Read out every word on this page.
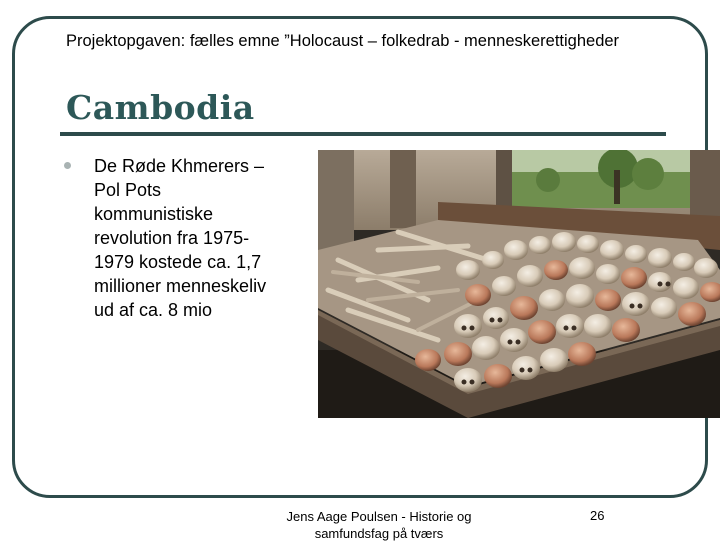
Projektopgaven: fælles emne ”Holocaust – folkedrab - menneskerettigheder
Cambodia
De Røde Khmerers –
Pol Pots
kommunistiske
revolution fra 1975-
1979 kostede ca. 1,7
millioner menneskeliv
ud af ca. 8 mio
Jens Aage Poulsen - Historie og
samfundsfag på tværs
26
